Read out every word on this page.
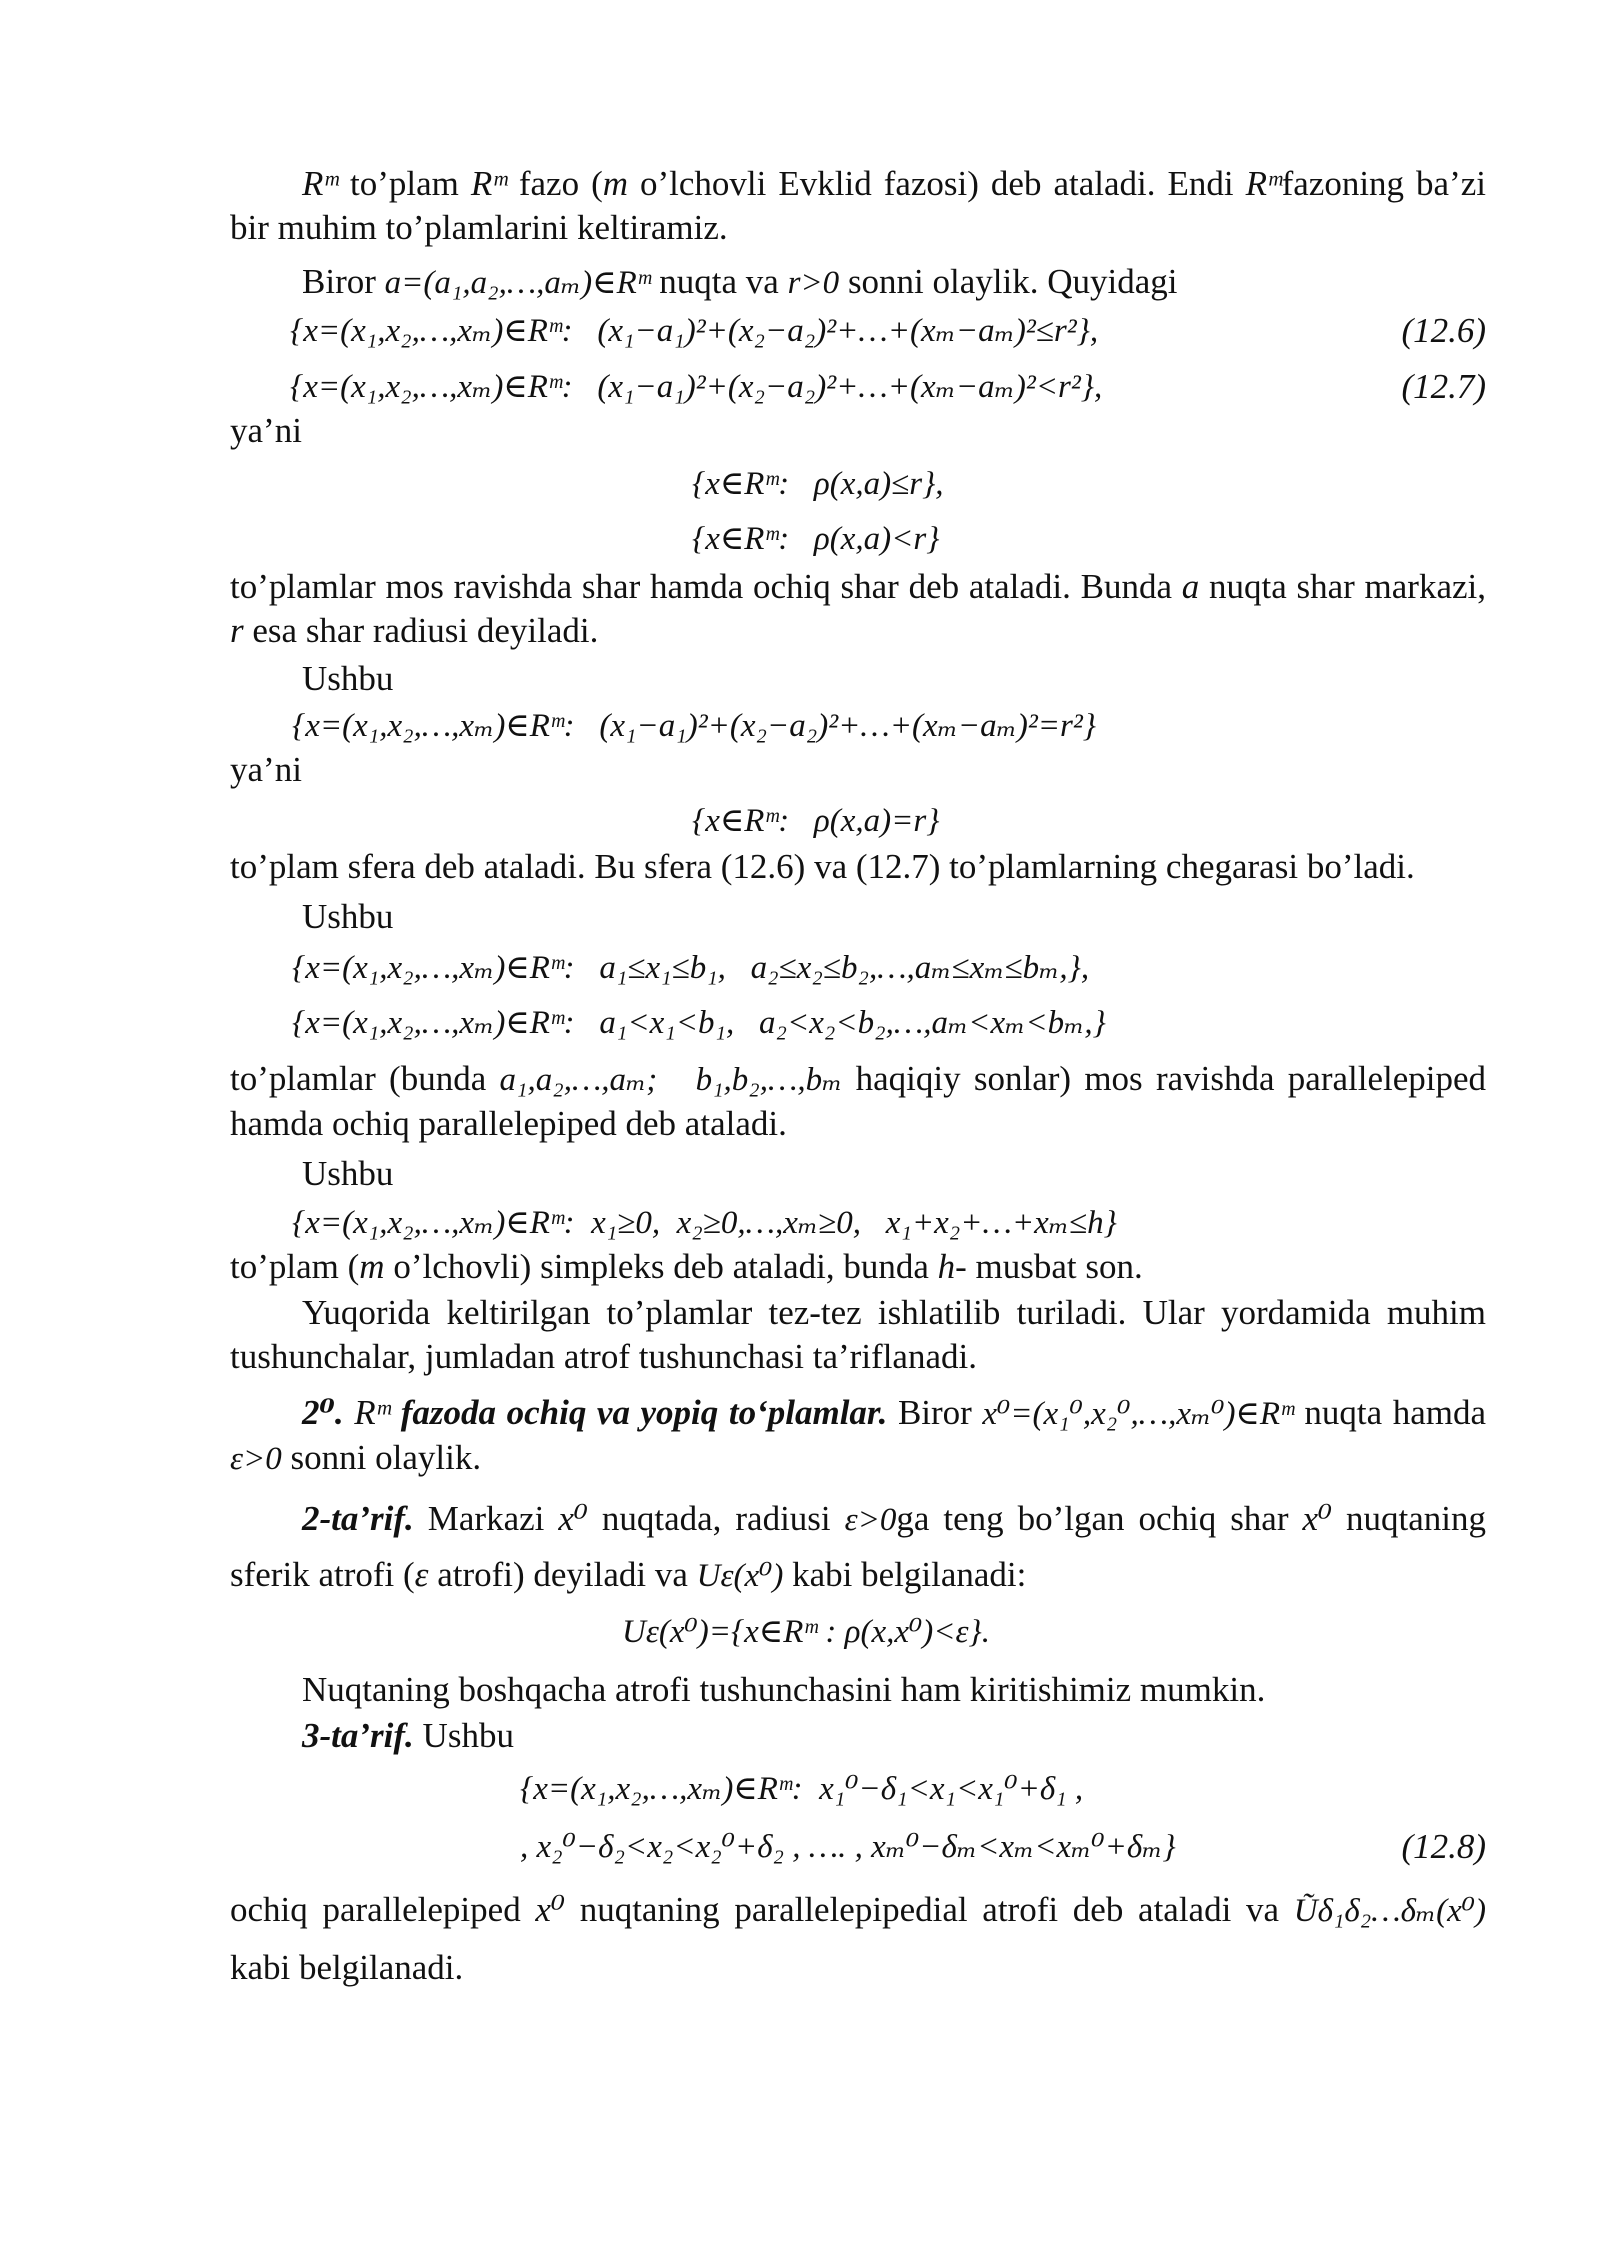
Rᵐ to’plam Rᵐ fazo (m o’lchovli Evklid fazosi) deb ataladi. Endi Rᵐfazoning ba’zi bir muhim to’plamlarini keltiramiz.

Biror a=(a₁,a₂,…,aₘ)∈Rᵐ nuqta va r>0 sonni olaylik. Quyidagi

{x=(x₁,x₂,…,xₘ)∈Rᵐ:   (x₁−a₁)²+(x₂−a₂)²+…+(xₘ−aₘ)²≤r²},	(12.6)
{x=(x₁,x₂,…,xₘ)∈Rᵐ:   (x₁−a₁)²+(x₂−a₂)²+…+(xₘ−aₘ)²<r²},	(12.7)

ya’ni

{x∈Rᵐ:   ρ(x,a)≤r},

{x∈Rᵐ:   ρ(x,a)<r}

to’plamlar mos ravishda shar hamda ochiq shar deb ataladi. Bunda a nuqta shar markazi, r esa shar radiusi deyiladi.

Ushbu

{x=(x₁,x₂,…,xₘ)∈Rᵐ:   (x₁−a₁)²+(x₂−a₂)²+…+(xₘ−aₘ)²=r²}

ya’ni

{x∈Rᵐ:   ρ(x,a)=r}

to’plam sfera deb ataladi. Bu sfera (12.6) va (12.7) to’plamlarning chegarasi bo’ladi.

Ushbu

{x=(x₁,x₂,…,xₘ)∈Rᵐ:   a₁≤x₁≤b₁,   a₂≤x₂≤b₂,…,aₘ≤xₘ≤bₘ,},

{x=(x₁,x₂,…,xₘ)∈Rᵐ:   a₁<x₁<b₁,   a₂<x₂<b₂,…,aₘ<xₘ<bₘ,}

to’plamlar (bunda a₁,a₂,…,aₘ;   b₁,b₂,…,bₘ haqiqiy sonlar) mos ravishda parallelepiped hamda ochiq parallelepiped deb ataladi.

Ushbu

{x=(x₁,x₂,…,xₘ)∈Rᵐ:  x₁≥0,  x₂≥0,…,xₘ≥0,   x₁+x₂+…+xₘ≤h}

to’plam (m o’lchovli) simpleks deb ataladi, bunda h- musbat son.

Yuqorida keltirilgan to’plamlar tez-tez ishlatilib turiladi. Ular yordamida muhim tushunchalar, jumladan atrof tushunchasi ta’riflanadi.

2⁰. Rᵐ fazoda ochiq va yopiq to‘plamlar. Biror x⁰=(x₁⁰,x₂⁰,…,xₘ⁰)∈Rᵐ nuqta hamda ε>0 sonni olaylik.

2-ta’rif. Markazi x⁰ nuqtada, radiusi ε>0ga teng bo’lgan ochiq shar x⁰ nuqtaning sferik atrofi (ε atrofi) deyiladi va Uε(x⁰) kabi belgilanadi:

Uε(x⁰)={x∈Rᵐ : ρ(x,x⁰)<ε}.

Nuqtaning boshqacha atrofi tushunchasini ham kiritishimiz mumkin.

3-ta’rif. Ushbu

{x=(x₁,x₂,…,xₘ)∈Rᵐ:  x₁⁰−δ₁<x₁<x₁⁰+δ₁ ,

, x₂⁰−δ₂<x₂<x₂⁰+δ₂ , …. , xₘ⁰−δₘ<xₘ<xₘ⁰+δₘ}	(12.8)

ochiq parallelepiped x⁰ nuqtaning parallelepipedial atrofi deb ataladi va Ũδ₁δ₂…δₘ(x⁰) kabi belgilanadi.
